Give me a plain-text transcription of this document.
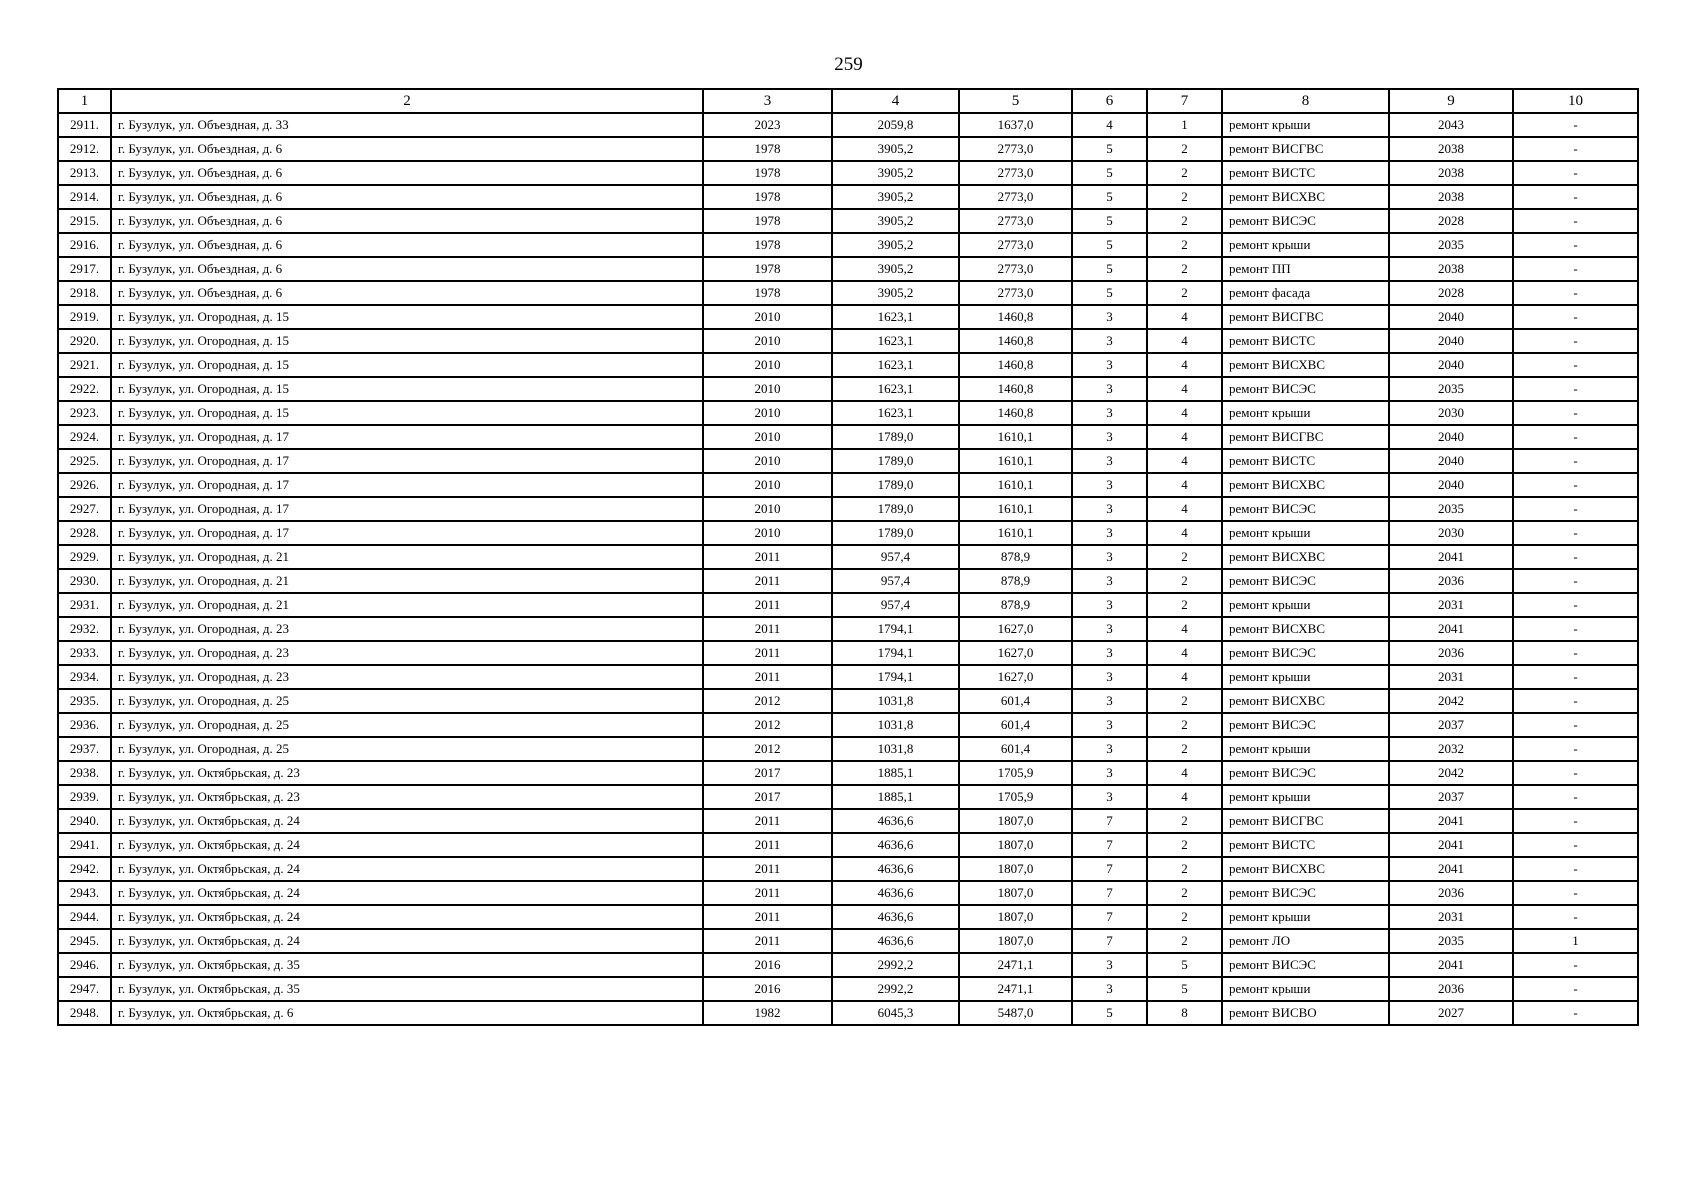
259
1	2	3	4	5	6	7	8	9	10
2911.	г. Бузулук, ул. Объездная, д. 33	2023	2059,8	1637,0	4	1	ремонт крыши	2043	-
2912.	г. Бузулук, ул. Объездная, д. 6	1978	3905,2	2773,0	5	2	ремонт ВИСГВС	2038	-
2913.	г. Бузулук, ул. Объездная, д. 6	1978	3905,2	2773,0	5	2	ремонт ВИСТС	2038	-
2914.	г. Бузулук, ул. Объездная, д. 6	1978	3905,2	2773,0	5	2	ремонт ВИСХВС	2038	-
2915.	г. Бузулук, ул. Объездная, д. 6	1978	3905,2	2773,0	5	2	ремонт ВИСЭС	2028	-
2916.	г. Бузулук, ул. Объездная, д. 6	1978	3905,2	2773,0	5	2	ремонт крыши	2035	-
2917.	г. Бузулук, ул. Объездная, д. 6	1978	3905,2	2773,0	5	2	ремонт ПП	2038	-
2918.	г. Бузулук, ул. Объездная, д. 6	1978	3905,2	2773,0	5	2	ремонт фасада	2028	-
2919.	г. Бузулук, ул. Огородная, д. 15	2010	1623,1	1460,8	3	4	ремонт ВИСГВС	2040	-
2920.	г. Бузулук, ул. Огородная, д. 15	2010	1623,1	1460,8	3	4	ремонт ВИСТС	2040	-
2921.	г. Бузулук, ул. Огородная, д. 15	2010	1623,1	1460,8	3	4	ремонт ВИСХВС	2040	-
2922.	г. Бузулук, ул. Огородная, д. 15	2010	1623,1	1460,8	3	4	ремонт ВИСЭС	2035	-
2923.	г. Бузулук, ул. Огородная, д. 15	2010	1623,1	1460,8	3	4	ремонт крыши	2030	-
2924.	г. Бузулук, ул. Огородная, д. 17	2010	1789,0	1610,1	3	4	ремонт ВИСГВС	2040	-
2925.	г. Бузулук, ул. Огородная, д. 17	2010	1789,0	1610,1	3	4	ремонт ВИСТС	2040	-
2926.	г. Бузулук, ул. Огородная, д. 17	2010	1789,0	1610,1	3	4	ремонт ВИСХВС	2040	-
2927.	г. Бузулук, ул. Огородная, д. 17	2010	1789,0	1610,1	3	4	ремонт ВИСЭС	2035	-
2928.	г. Бузулук, ул. Огородная, д. 17	2010	1789,0	1610,1	3	4	ремонт крыши	2030	-
2929.	г. Бузулук, ул. Огородная, д. 21	2011	957,4	878,9	3	2	ремонт ВИСХВС	2041	-
2930.	г. Бузулук, ул. Огородная, д. 21	2011	957,4	878,9	3	2	ремонт ВИСЭС	2036	-
2931.	г. Бузулук, ул. Огородная, д. 21	2011	957,4	878,9	3	2	ремонт крыши	2031	-
2932.	г. Бузулук, ул. Огородная, д. 23	2011	1794,1	1627,0	3	4	ремонт ВИСХВС	2041	-
2933.	г. Бузулук, ул. Огородная, д. 23	2011	1794,1	1627,0	3	4	ремонт ВИСЭС	2036	-
2934.	г. Бузулук, ул. Огородная, д. 23	2011	1794,1	1627,0	3	4	ремонт крыши	2031	-
2935.	г. Бузулук, ул. Огородная, д. 25	2012	1031,8	601,4	3	2	ремонт ВИСХВС	2042	-
2936.	г. Бузулук, ул. Огородная, д. 25	2012	1031,8	601,4	3	2	ремонт ВИСЭС	2037	-
2937.	г. Бузулук, ул. Огородная, д. 25	2012	1031,8	601,4	3	2	ремонт крыши	2032	-
2938.	г. Бузулук, ул. Октябрьская, д. 23	2017	1885,1	1705,9	3	4	ремонт ВИСЭС	2042	-
2939.	г. Бузулук, ул. Октябрьская, д. 23	2017	1885,1	1705,9	3	4	ремонт крыши	2037	-
2940.	г. Бузулук, ул. Октябрьская, д. 24	2011	4636,6	1807,0	7	2	ремонт ВИСГВС	2041	-
2941.	г. Бузулук, ул. Октябрьская, д. 24	2011	4636,6	1807,0	7	2	ремонт ВИСТС	2041	-
2942.	г. Бузулук, ул. Октябрьская, д. 24	2011	4636,6	1807,0	7	2	ремонт ВИСХВС	2041	-
2943.	г. Бузулук, ул. Октябрьская, д. 24	2011	4636,6	1807,0	7	2	ремонт ВИСЭС	2036	-
2944.	г. Бузулук, ул. Октябрьская, д. 24	2011	4636,6	1807,0	7	2	ремонт крыши	2031	-
2945.	г. Бузулук, ул. Октябрьская, д. 24	2011	4636,6	1807,0	7	2	ремонт ЛО	2035	1
2946.	г. Бузулук, ул. Октябрьская, д. 35	2016	2992,2	2471,1	3	5	ремонт ВИСЭС	2041	-
2947.	г. Бузулук, ул. Октябрьская, д. 35	2016	2992,2	2471,1	3	5	ремонт крыши	2036	-
2948.	г. Бузулук, ул. Октябрьская, д. 6	1982	6045,3	5487,0	5	8	ремонт ВИСВО	2027	-
